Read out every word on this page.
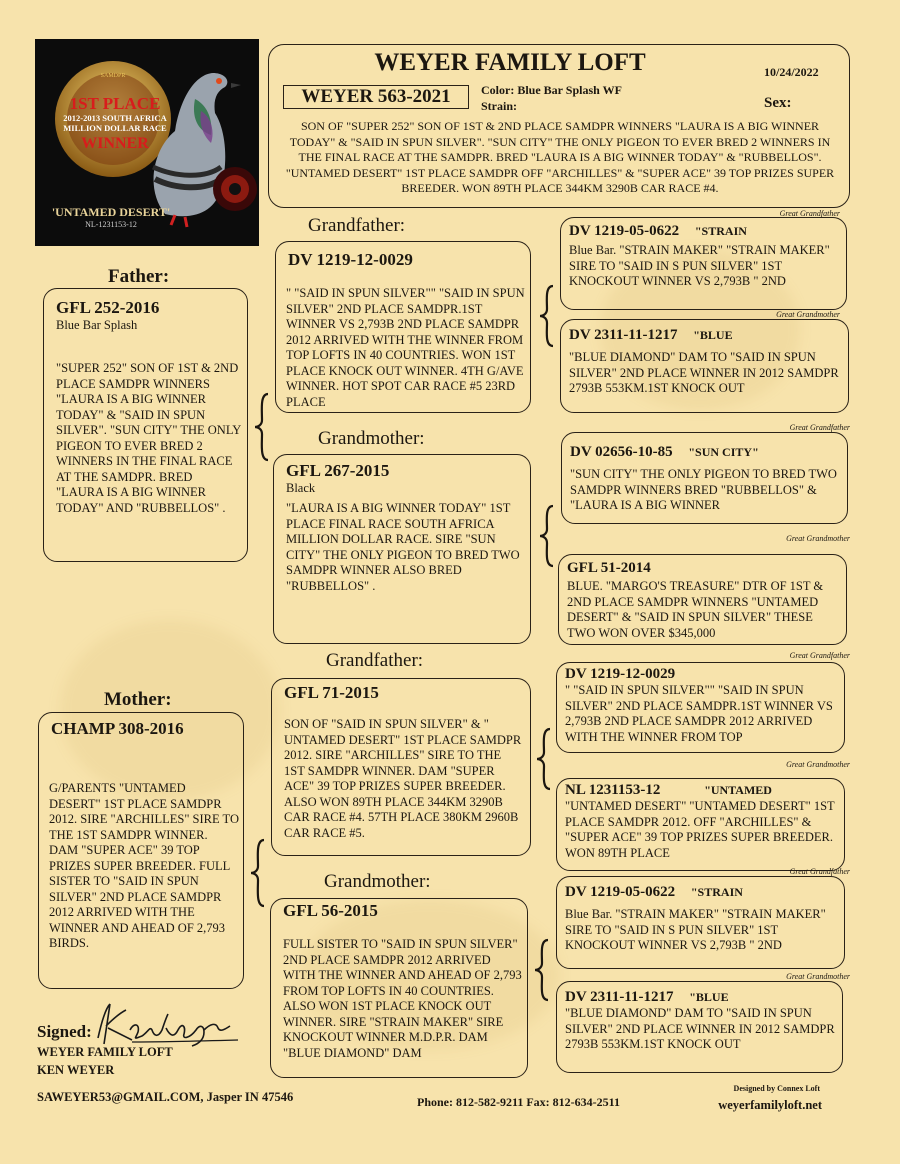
SAMDPR
1ST PLACE
2012-2013 SOUTH AFRICA MILLION DOLLAR RACE
WINNER
'UNTAMED DESERT'
NL-1231153-12
WEYER FAMILY LOFT	10/24/2022
WEYER 563-2021	Color: Blue Bar Splash WF
Strain:	Sex:
SON OF "SUPER 252" SON OF 1ST & 2ND PLACE SAMDPR WINNERS "LAURA IS A BIG WINNER TODAY" & "SAID IN SPUN SILVER". "SUN CITY" THE ONLY PIGEON TO EVER BRED 2 WINNERS IN THE FINAL RACE AT THE SAMDPR. BRED "LAURA IS A BIG WINNER TODAY" & "RUBBELLOS". "UNTAMED DESERT" 1ST PLACE SAMDPR OFF "ARCHILLES" & "SUPER ACE" 39 TOP PRIZES SUPER BREEDER. WON 89TH PLACE 344KM 3290B CAR RACE #4.
Father:
GFL 252-2016
Blue Bar Splash
"SUPER 252" SON OF 1ST & 2ND PLACE SAMDPR WINNERS "LAURA IS A BIG WINNER TODAY" & "SAID IN SPUN SILVER". "SUN CITY" THE ONLY PIGEON TO EVER BRED 2 WINNERS IN THE FINAL RACE AT THE SAMDPR. BRED "LAURA IS A BIG WINNER TODAY" AND "RUBBELLOS" .
Mother:
CHAMP 308-2016
G/PARENTS "UNTAMED DESERT" 1ST PLACE SAMDPR 2012. SIRE "ARCHILLES" SIRE TO THE 1ST SAMDPR WINNER. DAM "SUPER ACE" 39 TOP PRIZES SUPER BREEDER. FULL SISTER TO "SAID IN SPUN SILVER" 2ND PLACE SAMDPR 2012 ARRIVED WITH THE WINNER AND AHEAD OF 2,793 BIRDS.
Grandfather:
DV 1219-12-0029
" "SAID IN SPUN SILVER"" "SAID IN SPUN SILVER" 2ND PLACE SAMDPR.1ST WINNER VS 2,793B 2ND PLACE SAMDPR 2012 ARRIVED WITH THE WINNER FROM TOP LOFTS IN 40 COUNTRIES. WON 1ST PLACE KNOCK OUT WINNER. 4TH G/AVE WINNER. HOT SPOT CAR RACE #5 23RD PLACE
Grandmother:
GFL 267-2015
Black
"LAURA IS A BIG WINNER TODAY" 1ST PLACE FINAL RACE SOUTH AFRICA MILLION DOLLAR RACE. SIRE "SUN CITY" THE ONLY PIGEON TO BRED TWO SAMDPR WINNER ALSO BRED "RUBBELLOS" .
Grandfather:
GFL 71-2015
SON OF "SAID IN SPUN SILVER" & " UNTAMED DESERT" 1ST PLACE SAMDPR 2012. SIRE "ARCHILLES" SIRE TO THE 1ST SAMDPR WINNER. DAM "SUPER ACE" 39 TOP PRIZES SUPER BREEDER. ALSO WON 89TH PLACE 344KM 3290B CAR RACE #4. 57TH PLACE 380KM 2960B CAR RACE #5.
Grandmother:
GFL 56-2015
FULL SISTER TO "SAID IN SPUN SILVER" 2ND PLACE SAMDPR 2012 ARRIVED WITH THE WINNER AND AHEAD OF 2,793 FROM TOP LOFTS IN 40 COUNTRIES. ALSO WON 1ST PLACE KNOCK OUT WINNER. SIRE "STRAIN MAKER" SIRE KNOCKOUT WINNER M.D.P.R. DAM "BLUE DIAMOND" DAM
Great Grandfather
DV 1219-05-0622 "STRAIN
Blue Bar. "STRAIN MAKER" "STRAIN MAKER" SIRE TO "SAID IN S PUN SILVER" 1ST KNOCKOUT WINNER VS 2,793B " 2ND
Great Grandmother
DV 2311-11-1217 "BLUE
"BLUE DIAMOND" DAM TO "SAID IN SPUN SILVER" 2ND PLACE WINNER IN 2012 SAMDPR 2793B 553KM.1ST KNOCK OUT
Great Grandfather
DV 02656-10-85 "SUN CITY"
"SUN CITY" THE ONLY PIGEON TO BRED TWO SAMDPR WINNERS BRED "RUBBELLOS" & "LAURA IS A BIG WINNER
Great Grandmother
GFL 51-2014
BLUE. "MARGO'S TREASURE" DTR OF 1ST & 2ND PLACE SAMDPR WINNERS "UNTAMED DESERT" & "SAID IN SPUN SILVER" THESE TWO WON OVER $345,000
Great Grandfather
DV 1219-12-0029
" "SAID IN SPUN SILVER"" "SAID IN SPUN SILVER" 2ND PLACE SAMDPR.1ST WINNER VS 2,793B 2ND PLACE SAMDPR 2012 ARRIVED WITH THE WINNER FROM TOP
Great Grandmother
NL 1231153-12	"UNTAMED
"UNTAMED DESERT" "UNTAMED DESERT" 1ST PLACE SAMDPR 2012. OFF "ARCHILLES" & "SUPER ACE" 39 TOP PRIZES SUPER BREEDER. WON 89TH PLACE
Great Grandfather
DV 1219-05-0622 "STRAIN
Blue Bar. "STRAIN MAKER" "STRAIN MAKER" SIRE TO "SAID IN S PUN SILVER" 1ST KNOCKOUT WINNER VS 2,793B " 2ND
Great Grandmother
DV 2311-11-1217 "BLUE
"BLUE DIAMOND" DAM TO "SAID IN SPUN SILVER" 2ND PLACE WINNER IN 2012 SAMDPR 2793B 553KM.1ST KNOCK OUT
Signed:
WEYER FAMILY LOFT
KEN WEYER
SAWEYER53@GMAIL.COM, Jasper IN 47546	Phone: 812-582-9211 Fax: 812-634-2511
Designed by Connex Loft
weyerfamilyloft.net
